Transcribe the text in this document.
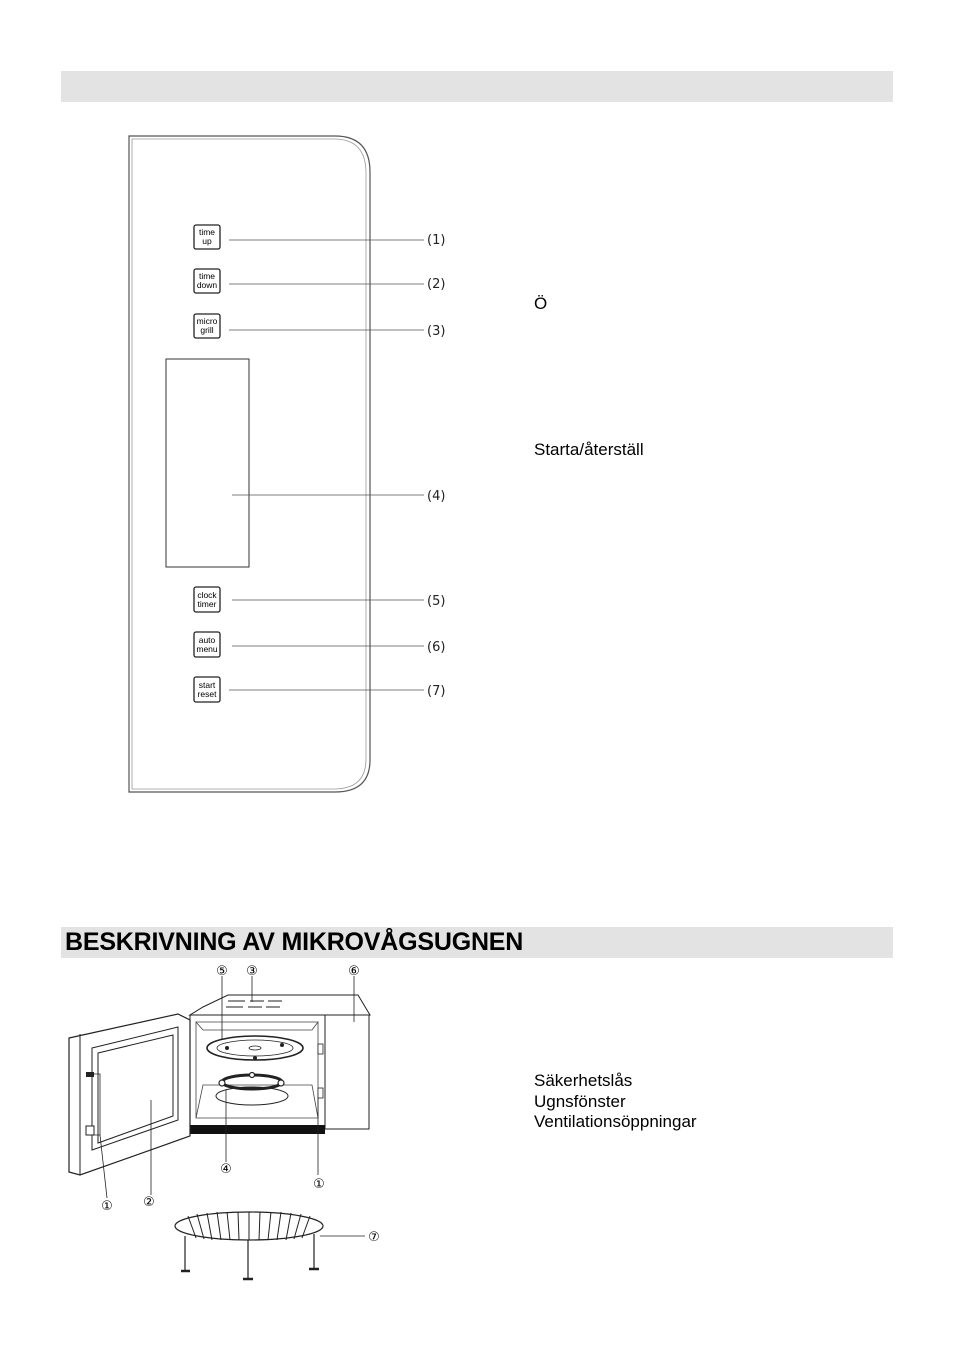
(4)
time
up	(1)
time
down	(2)
micro
grill	(3)
clock
timer	(5)
auto
menu	(6)
start
reset	(7)
Ö
Starta/återställ
BESKRIVNING AV MIKROVÅGSUGNEN
⑤ ③	⑥
④
①
① ②
⑦
Säkerhetslås
Ugnsfönster
Ventilationsöppningar
